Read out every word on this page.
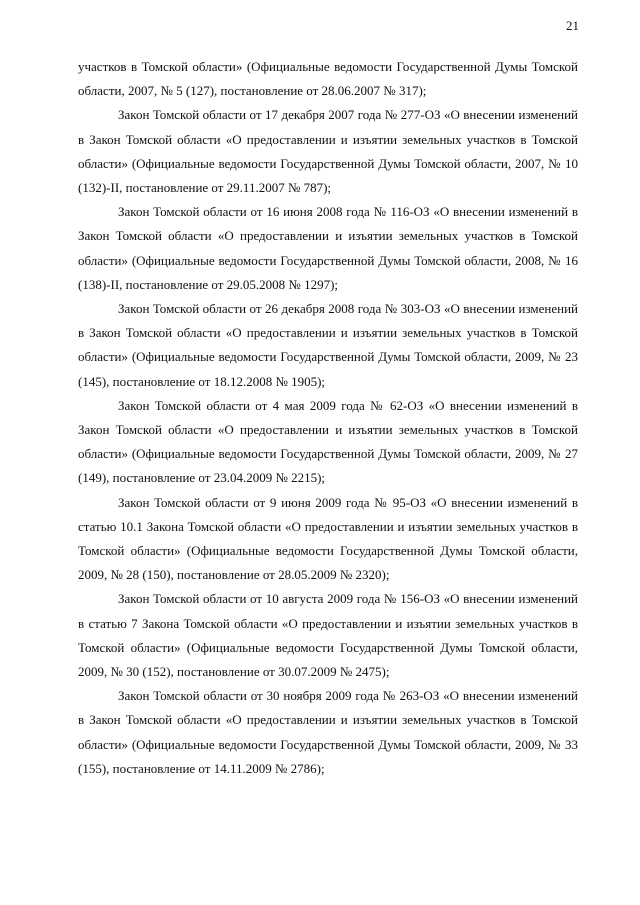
21

участков в Томской области» (Официальные ведомости Государственной Думы Томской области, 2007, № 5 (127), постановление от 28.06.2007 № 317);

Закон Томской области от 17 декабря 2007 года № 277-ОЗ «О внесении изменений в Закон Томской области «О предоставлении и изъятии земельных участков в Томской области» (Официальные ведомости Государственной Думы Томской области, 2007, № 10 (132)-II, постановление от 29.11.2007 № 787);

Закон Томской области от 16 июня 2008 года № 116-ОЗ «О внесении изменений в Закон Томской области «О предоставлении и изъятии земельных участков в Томской области» (Официальные ведомости Государственной Думы Томской области, 2008, № 16 (138)-II, постановление от 29.05.2008 № 1297);

Закон Томской области от 26 декабря 2008 года № 303-ОЗ «О внесении изменений в Закон Томской области «О предоставлении и изъятии земельных участков в Томской области» (Официальные ведомости Государственной Думы Томской области, 2009, № 23 (145), постановление от 18.12.2008 № 1905);

Закон Томской области от 4 мая 2009 года № 62-ОЗ «О внесении изменений в Закон Томской области «О предоставлении и изъятии земельных участков в Томской области» (Официальные ведомости Государственной Думы Томской области, 2009, № 27 (149), постановление от 23.04.2009 № 2215);

Закон Томской области от 9 июня 2009 года № 95-ОЗ «О внесении изменений в статью 10.1 Закона Томской области «О предоставлении и изъятии земельных участков в Томской области» (Официальные ведомости Государственной Думы Томской области, 2009, № 28 (150), постановление от 28.05.2009 № 2320);

Закон Томской области от 10 августа 2009 года № 156-ОЗ «О внесении изменений в статью 7 Закона Томской области «О предоставлении и изъятии земельных участков в Томской области» (Официальные ведомости Государственной Думы Томской области, 2009, № 30 (152), постановление от 30.07.2009 № 2475);

Закон Томской области от 30 ноября 2009 года № 263-ОЗ «О внесении изменений в Закон Томской области «О предоставлении и изъятии земельных участков в Томской области» (Официальные ведомости Государственной Думы Томской области, 2009, № 33 (155), постановление от 14.11.2009 № 2786);
